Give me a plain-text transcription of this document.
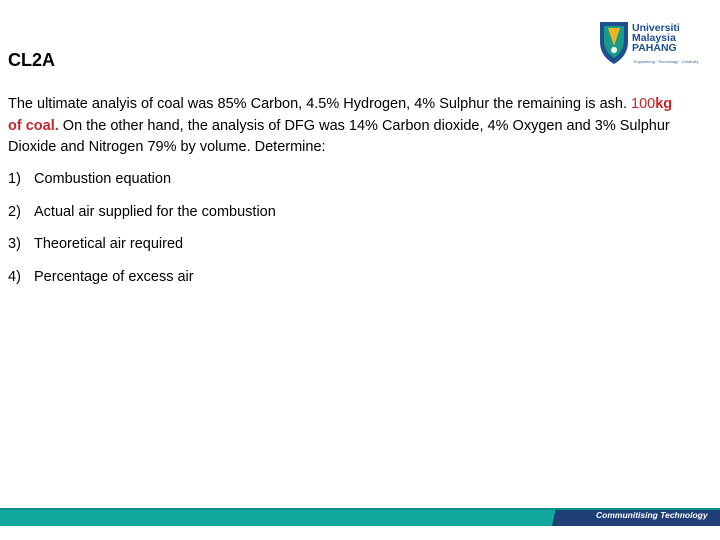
CL2A
Universiti
Malaysia
PAHANG
Engineering · Technology · Creativity
The ultimate analyis of coal was 85% Carbon, 4.5% Hydrogen, 4% Sulphur the remaining is ash. 100kg of coal. On the other hand, the analysis of DFG was 14% Carbon dioxide, 4% Oxygen and 3% Sulphur Dioxide and Nitrogen 79% by volume. Determine:
1) Combustion equation
2) Actual air supplied for the combustion
3) Theoretical air required
4) Percentage of excess air
Communitising Technology
